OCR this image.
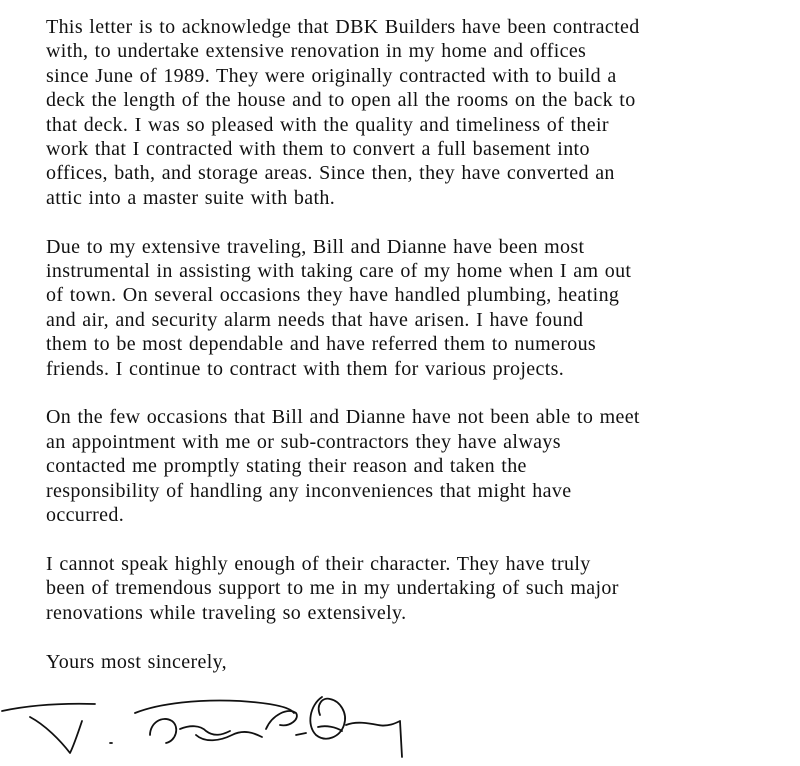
This letter is to acknowledge that DBK Builders have been contracted
with, to undertake extensive renovation in my home and offices
since June of 1989. They were originally contracted with to build a
deck the length of the house and to open all the rooms on the back to
that deck. I was so pleased with the quality and timeliness of their
work that I contracted with them to convert a full basement into
offices, bath, and storage areas. Since then, they have converted an
attic into a master suite with bath.

Due to my extensive traveling, Bill and Dianne have been most
instrumental in assisting with taking care of my home when I am out
of town. On several occasions they have handled plumbing, heating
and air, and security alarm needs that have arisen. I have found
them to be most dependable and have referred them to numerous
friends. I continue to contract with them for various projects.

On the few occasions that Bill and Dianne have not been able to meet
an appointment with me or sub-contractors they have always
contacted me promptly stating their reason and taken the
responsibility of handling any inconveniences that might have
occurred.

I cannot speak highly enough of their character. They have truly
been of tremendous support to me in my undertaking of such major
renovations while traveling so extensively.

Yours most sincerely,
